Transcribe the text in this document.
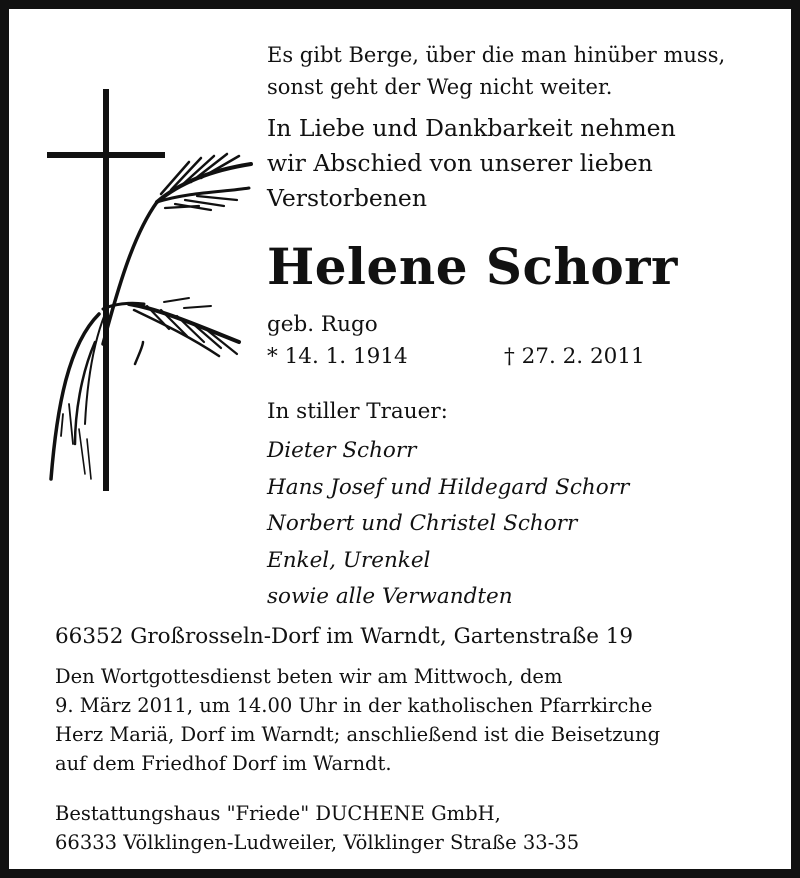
Es gibt Berge, über die man hinüber muss,
sonst geht der Weg nicht weiter.
In Liebe und Dankbarkeit nehmen
wir Abschied von unserer lieben
Verstorbenen
Helene Schorr
geb. Rugo
* 14. 1. 1914	† 27. 2. 2011
In stiller Trauer:
Dieter Schorr
Hans Josef und Hildegard Schorr
Norbert und Christel Schorr
Enkel, Urenkel
sowie alle Verwandten
66352 Großrosseln-Dorf im Warndt, Gartenstraße 19
Den Wortgottesdienst beten wir am Mittwoch, dem
9. März 2011, um 14.00 Uhr in der katholischen Pfarrkirche
Herz Mariä, Dorf im Warndt; anschließend ist die Beisetzung
auf dem Friedhof Dorf im Warndt.
Bestattungshaus "Friede" DUCHENE GmbH,
66333 Völklingen-Ludweiler, Völklinger Straße 33-35
